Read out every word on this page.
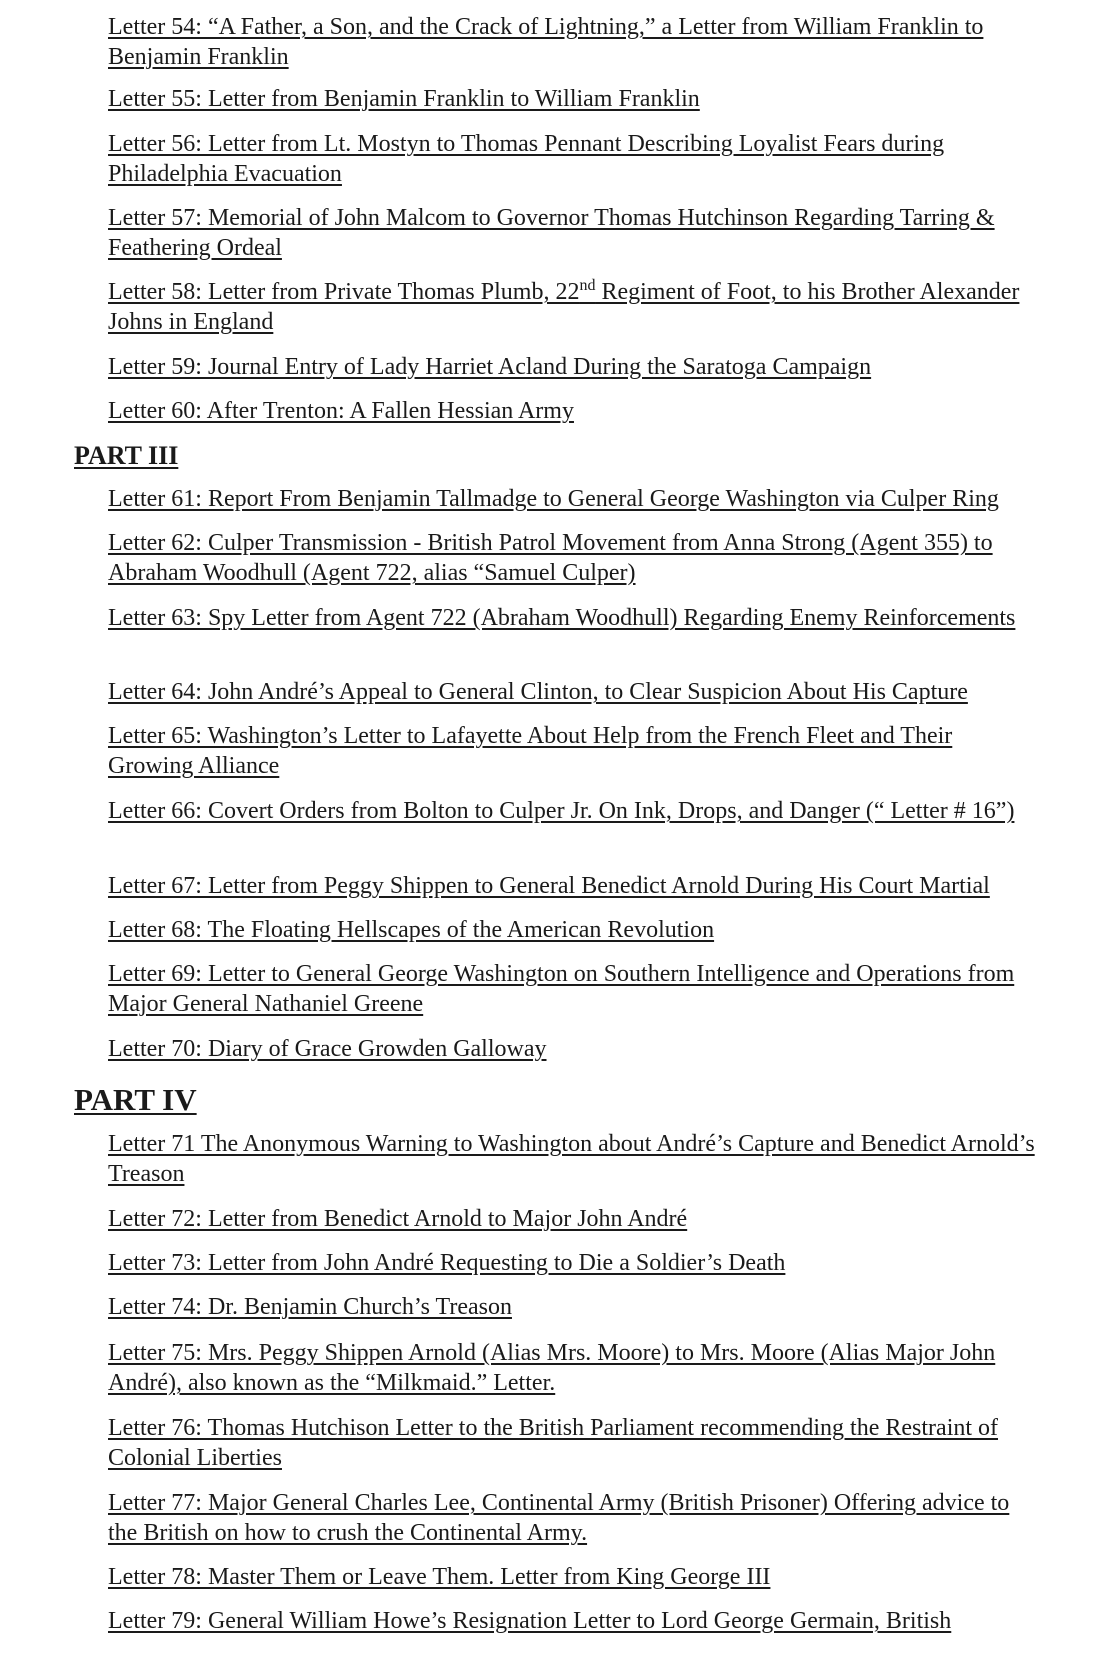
Letter 54: “A Father, a Son, and the Crack of Lightning,” a Letter from William Franklin to Benjamin Franklin

Letter 55: Letter from Benjamin Franklin to William Franklin

Letter 56: Letter from Lt. Mostyn to Thomas Pennant Describing Loyalist Fears during Philadelphia Evacuation

Letter 57: Memorial of John Malcom to Governor Thomas Hutchinson Regarding Tarring & Feathering Ordeal

Letter 58: Letter from Private Thomas Plumb, 22nd Regiment of Foot, to his Brother Alexander Johns in England

Letter 59: Journal Entry of Lady Harriet Acland During the Saratoga Campaign

Letter 60: After Trenton: A Fallen Hessian Army

PART III

Letter 61: Report From Benjamin Tallmadge to General George Washington via Culper Ring

Letter 62: Culper Transmission - British Patrol Movement from Anna Strong (Agent 355) to Abraham Woodhull (Agent 722, alias “Samuel Culper)

Letter 63: Spy Letter from Agent 722 (Abraham Woodhull) Regarding Enemy Reinforcements

Letter 64: John André’s Appeal to General Clinton, to Clear Suspicion About His Capture

Letter 65: Washington’s Letter to Lafayette About Help from the French Fleet and Their Growing Alliance

Letter 66: Covert Orders from Bolton to Culper Jr. On Ink, Drops, and Danger (“ Letter # 16”)

Letter 67: Letter from Peggy Shippen to General Benedict Arnold During His Court Martial

Letter 68: The Floating Hellscapes of the American Revolution

Letter 69: Letter to General George Washington on Southern Intelligence and Operations from Major General Nathaniel Greene

Letter 70: Diary of Grace Growden Galloway

PART IV

Letter 71 The Anonymous Warning to Washington about André’s Capture and Benedict Arnold’s Treason

Letter 72: Letter from Benedict Arnold to Major John André

Letter 73: Letter from John André Requesting to Die a Soldier’s Death

Letter 74: Dr. Benjamin Church’s Treason

Letter 75: Mrs. Peggy Shippen Arnold (Alias Mrs. Moore) to Mrs. Moore (Alias Major John André), also known as the “Milkmaid.” Letter.

Letter 76: Thomas Hutchison Letter to the British Parliament recommending the Restraint of Colonial Liberties

Letter 77: Major General Charles Lee, Continental Army (British Prisoner) Offering advice to the British on how to crush the Continental Army.

Letter 78: Master Them or Leave Them. Letter from King George III

Letter 79: General William Howe’s Resignation Letter to Lord George Germain, British
